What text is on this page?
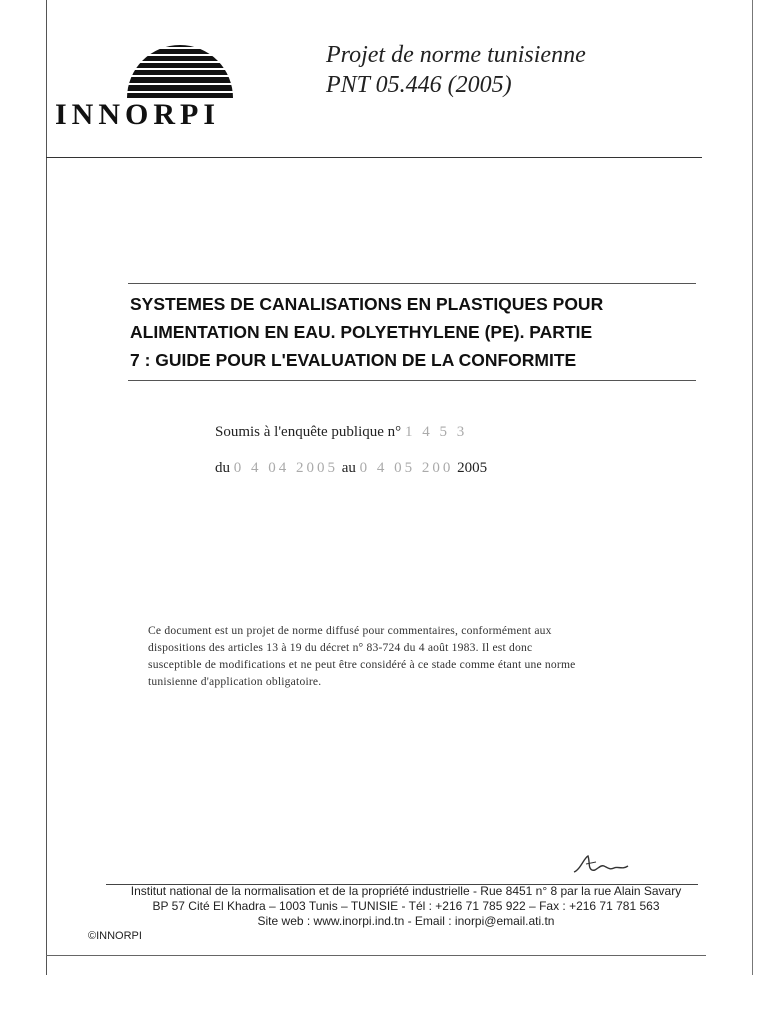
INNORPI
Projet de norme tunisienne
PNT 05.446 (2005)
SYSTEMES DE CANALISATIONS EN PLASTIQUES POUR
ALIMENTATION EN EAU. POLYETHYLENE (PE). PARTIE
7 : GUIDE POUR L'EVALUATION DE LA CONFORMITE
Soumis à l'enquête publique n° 1 4 5 3
du 0 4 04 2005 au 0 4 05 200 2005
Ce document est un projet de norme diffusé pour commentaires, conformément aux
dispositions des articles 13 à 19 du décret n° 83-724 du 4 août 1983. Il est donc
susceptible de modifications et ne peut être considéré à ce stade comme étant une norme
tunisienne d'application obligatoire.
Institut national de la normalisation et de la propriété industrielle - Rue 8451 n° 8 par la rue Alain Savary
BP 57 Cité El Khadra – 1003 Tunis – TUNISIE - Tél : +216 71 785 922 – Fax : +216 71 781 563
Site web : www.inorpi.ind.tn - Email : inorpi@email.ati.tn
©INNORPI
